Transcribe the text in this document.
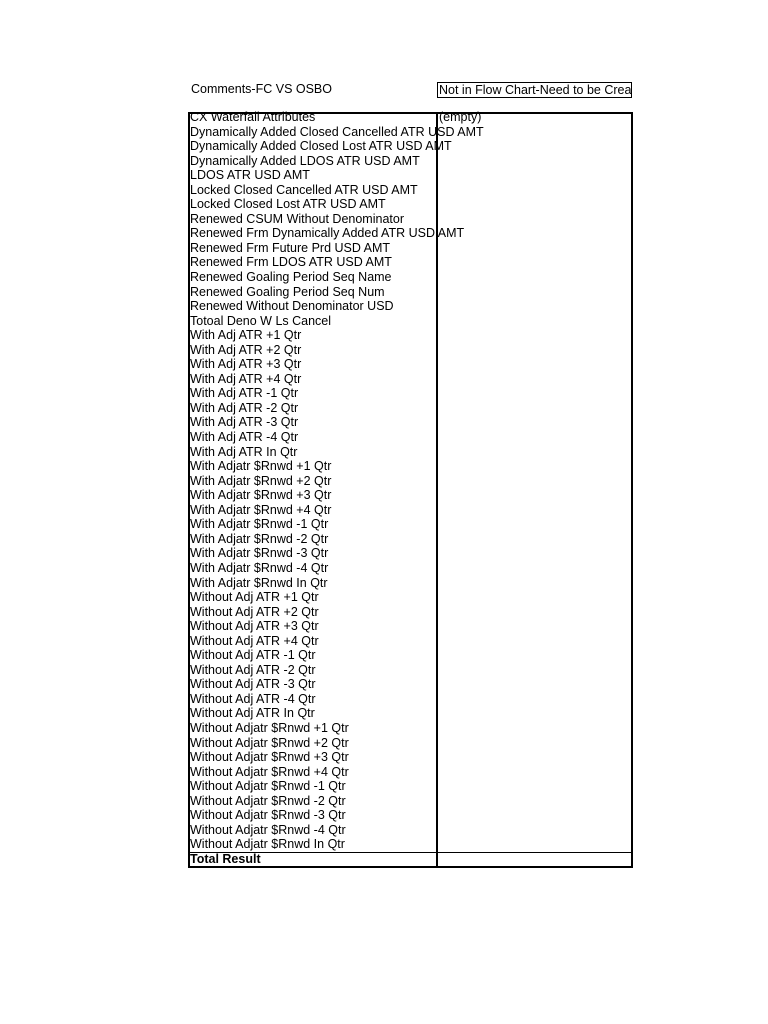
Comments-FC VS OSBO	Not in Flow Chart-Need to be Crea
CX Waterfall Attributes	(empty)
Dynamically Added Closed Cancelled ATR USD AMT
Dynamically Added Closed Lost ATR USD AMT
Dynamically Added LDOS ATR USD AMT
LDOS ATR USD AMT
Locked Closed Cancelled ATR USD AMT
Locked Closed Lost ATR USD AMT
Renewed CSUM Without Denominator
Renewed Frm Dynamically Added ATR USD AMT
Renewed Frm Future Prd USD AMT
Renewed Frm LDOS ATR USD AMT
Renewed Goaling Period Seq Name
Renewed Goaling Period Seq Num
Renewed Without Denominator USD
Totoal Deno W Ls Cancel
With Adj ATR +1 Qtr
With Adj ATR +2 Qtr
With Adj ATR +3 Qtr
With Adj ATR +4 Qtr
With Adj ATR -1 Qtr
With Adj ATR -2 Qtr
With Adj ATR -3 Qtr
With Adj ATR -4 Qtr
With Adj ATR In Qtr
With Adjatr $Rnwd +1 Qtr
With Adjatr $Rnwd +2 Qtr
With Adjatr $Rnwd +3 Qtr
With Adjatr $Rnwd +4 Qtr
With Adjatr $Rnwd -1 Qtr
With Adjatr $Rnwd -2 Qtr
With Adjatr $Rnwd -3 Qtr
With Adjatr $Rnwd -4 Qtr
With Adjatr $Rnwd In Qtr
Without Adj ATR +1 Qtr
Without Adj ATR +2 Qtr
Without Adj ATR +3 Qtr
Without Adj ATR +4 Qtr
Without Adj ATR -1 Qtr
Without Adj ATR -2 Qtr
Without Adj ATR -3 Qtr
Without Adj ATR -4 Qtr
Without Adj ATR In Qtr
Without Adjatr $Rnwd +1 Qtr
Without Adjatr $Rnwd +2 Qtr
Without Adjatr $Rnwd +3 Qtr
Without Adjatr $Rnwd +4 Qtr
Without Adjatr $Rnwd -1 Qtr
Without Adjatr $Rnwd -2 Qtr
Without Adjatr $Rnwd -3 Qtr
Without Adjatr $Rnwd -4 Qtr
Without Adjatr $Rnwd In Qtr
Total Result
